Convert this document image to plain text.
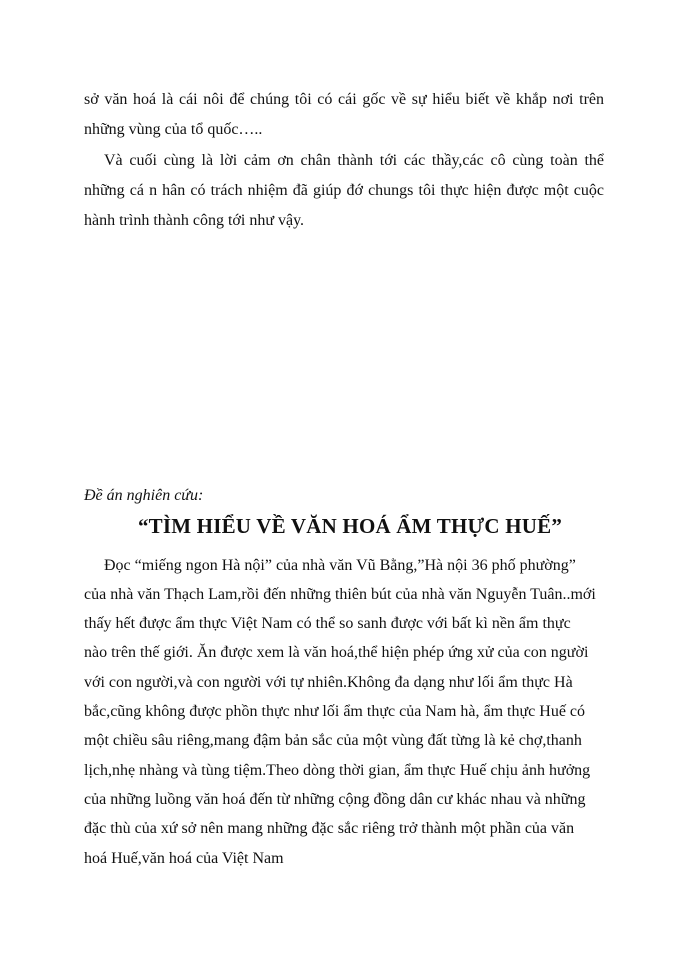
sở văn hoá là cái nôi để chúng tôi có cái gốc về sự hiểu biết về khắp nơi trên
những vùng của tổ quốc…..
Và cuối cùng là lời cảm ơn chân thành tới các thầy,các cô cùng toàn thể
những cá n hân có trách nhiệm đã giúp đớ chungs tôi thực hiện được một cuộc
hành trình thành công tới như vậy.
Đề án nghiên cứu:
“TÌM HIỂU VỀ VĂN HOÁ ẨM THỰC HUẾ”
Đọc “miếng ngon Hà nội” của nhà văn Vũ Bằng,”Hà nội 36 phố phường”
của nhà văn Thạch Lam,rồi đến những thiên bút của nhà văn Nguyễn Tuân..mới
thấy hết được ẩm thực Việt Nam có thể so sanh được với bất kì nền ẩm thực
nào trên thế giới. Ăn được xem là văn hoá,thể hiện phép ứng xử của con người
với con người,và con người với tự nhiên.Không đa dạng như lối ẩm thực Hà
bắc,cũng không được phồn thực như lối ẩm thực của Nam hà, ẩm thực Huế có
một chiều sâu riêng,mang đậm bản sắc của một vùng đất từng là kẻ chợ,thanh
lịch,nhẹ nhàng và tùng tiệm.Theo dòng thời gian, ẩm thực Huế chịu ảnh hưởng
của những luồng văn hoá đến từ những cộng đồng dân cư khác nhau và những
đặc thù của xứ sở nên mang những đặc sắc riêng trở thành một phần của văn
hoá Huế,văn hoá của Việt Nam
